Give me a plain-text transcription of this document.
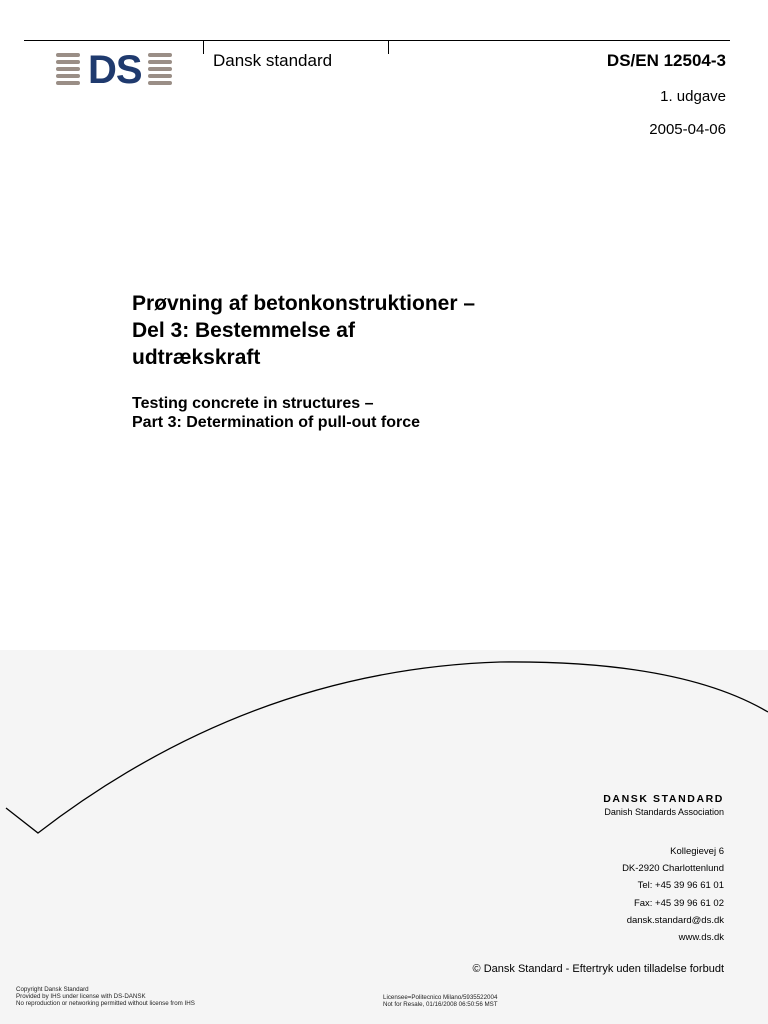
DS	Dansk standard	DS/EN 12504-3
1. udgave
2005-04-06
Prøvning af betonkonstruktioner –
Del 3: Bestemmelse af
udtrækskraft
Testing concrete in structures –
Part 3: Determination of pull-out force
DANSK STANDARD
Danish Standards Association
Kollegievej 6
DK-2920 Charlottenlund
Tel: +45 39 96 61 01
Fax: +45 39 96 61 02
dansk.standard@ds.dk
www.ds.dk
© Dansk Standard - Eftertryk uden tilladelse forbudt
Copyright Dansk Standard
Provided by IHS under license with DS-DANSK
No reproduction or networking permitted without license from IHS
Licensee=Politecnico Milano/5935522004
Not for Resale, 01/16/2008 06:50:56 MST
